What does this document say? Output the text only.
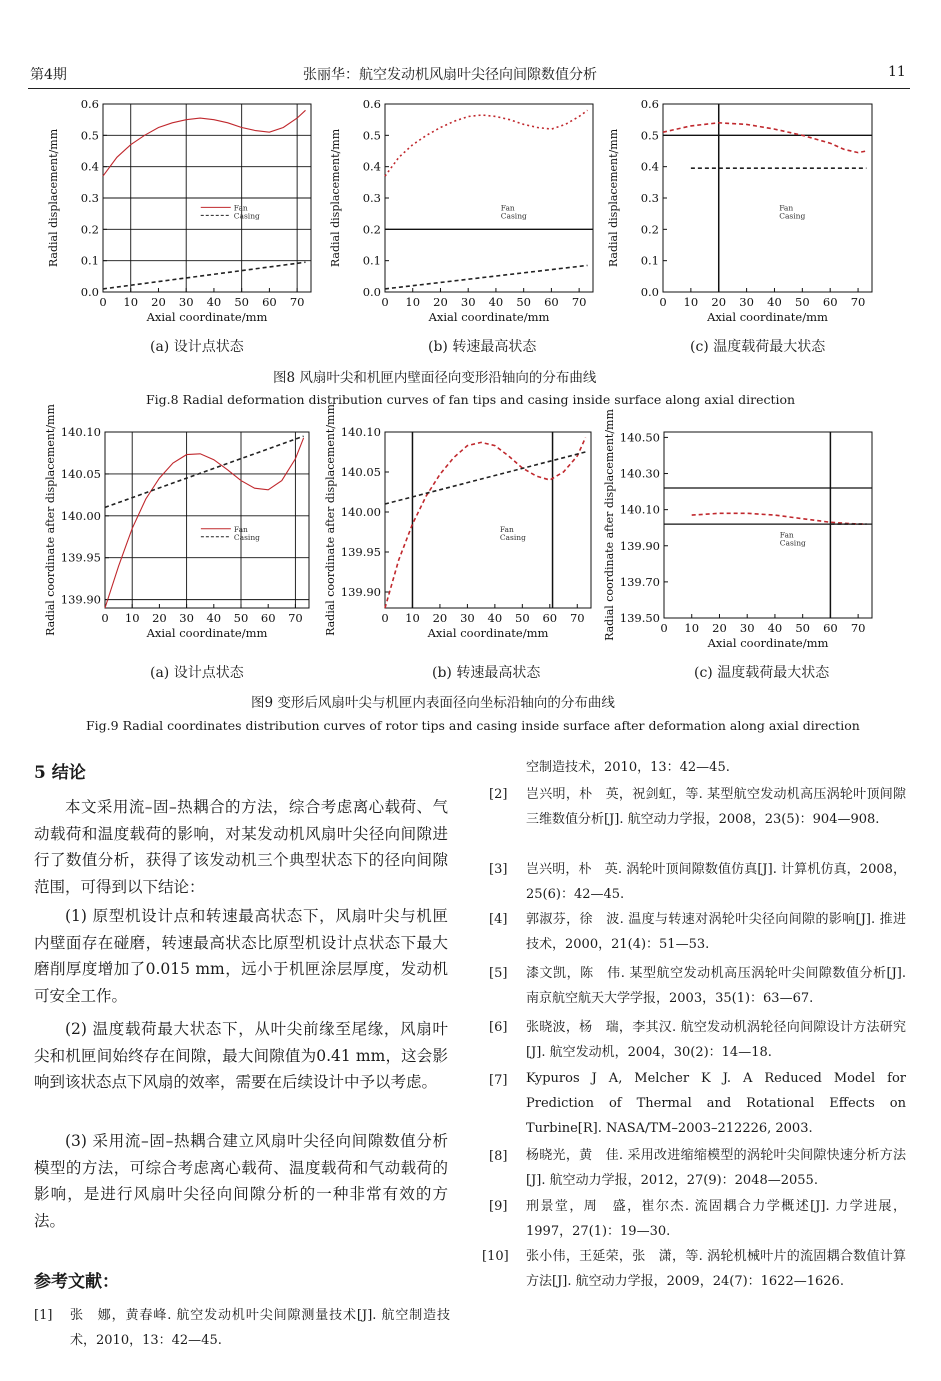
第4期	张丽华：航空发动机风扇叶尖径向间隙数值分析	11
0 10 20 30 40 50 60 70
0.0
0.1
0.2
0.3
0.4
0.5
0.6
Axial coordinate/mm
Radial displacement/mm	Fan
Casing
0 10 20 30 40 50 60 70
0.0
0.1
0.2
0.3
0.4
0.5
0.6
Axial coordinate/mm
Radial displacement/mm	Fan
Casing
0 10 20 30 40 50 60 70
0.0
0.1
0.2
0.3
0.4
0.5
0.6
Axial coordinate/mm
Radial displacement/mm	Fan
Casing
(a) 设计点状态	(b) 转速最高状态	(c) 温度载荷最大状态
图8 风扇叶尖和机匣内壁面径向变形沿轴向的分布曲线
Fig.8 Radial deformation distribution curves of fan tips and casing inside surface along axial direction
0 10 20 30 40 50 60 70
139.90
139.95
140.00
140.05
140.10
Axial coordinate/mm
Radial coordinate after displacement/mm	Fan
Casing
0 10 20 30 40 50 60 70
139.90
139.95
140.00
140.05
140.10
Axial coordinate/mm
Radial coordinate after displacement/mm	Fan
Casing
0 10 20 30 40 50 60 70
139.50
139.70
139.90
140.10
140.30
140.50
Axial coordinate/mm
Radial coordinate after displacement/mm	Fan
Casing
(a) 设计点状态	(b) 转速最高状态	(c) 温度载荷最大状态
图9 变形后风扇叶尖与机匣内表面径向坐标沿轴向的分布曲线
Fig.9 Radial coordinates distribution curves of rotor tips and casing inside surface after deformation along axial direction
5 结论
本文采用流–固–热耦合的方法，综合考虑离心载荷、气动载荷和温度载荷的影响，对某发动机风扇叶尖径向间隙进行了数值分析，获得了该发动机三个典型状态下的径向间隙范围，可得到以下结论：
(1) 原型机设计点和转速最高状态下，风扇叶尖与机匣内壁面存在碰磨，转速最高状态比原型机设计点状态下最大磨削厚度增加了0.015 mm，远小于机匣涂层厚度，发动机可安全工作。
(2) 温度载荷最大状态下，从叶尖前缘至尾缘，风扇叶尖和机匣间始终存在间隙，最大间隙值为0.41 mm，这会影响到该状态点下风扇的效率，需要在后续设计中予以考虑。
(3) 采用流–固–热耦合建立风扇叶尖径向间隙数值分析模型的方法，可综合考虑离心载荷、温度载荷和气动载荷的影响，是进行风扇叶尖径向间隙分析的一种非常有效的方法。
参考文献：
[1] 张　娜，黄春峰. 航空发动机叶尖间隙测量技术[J]. 航空制造技术，2010，13：42—45.
空制造技术，2010，13：42—45.
[2] 岂兴明，朴　英，祝剑虹，等. 某型航空发动机高压涡轮叶顶间隙三维数值分析[J]. 航空动力学报，2008，23(5)：904—908.
[3] 岂兴明，朴　英. 涡轮叶顶间隙数值仿真[J]. 计算机仿真，2008，25(6)：42—45.
[4] 郭淑芬，徐　波. 温度与转速对涡轮叶尖径向间隙的影响[J]. 推进技术，2000，21(4)：51—53.
[5] 漆文凯，陈　伟. 某型航空发动机高压涡轮叶尖间隙数值分析[J]. 南京航空航天大学学报，2003，35(1)：63—67.
[6] 张晓波，杨　瑞，李其汉. 航空发动机涡轮径向间隙设计方法研究[J]. 航空发动机，2004，30(2)：14—18.
[7] Kypuros J A, Melcher K J. A Reduced Model for Prediction of Thermal and Rotational Effects on Turbine[R]. NASA/TM–2003–212226, 2003.
[8] 杨晓光，黄　佳. 采用改进缩缩模型的涡轮叶尖间隙快速分析方法[J]. 航空动力学报，2012，27(9)：2048—2055.
[9] 刑景堂，周　盛，崔尔杰. 流固耦合力学概述[J]. 力学进展，1997，27(1)：19—30.
[10] 张小伟，王延荣，张　潇，等. 涡轮机械叶片的流固耦合数值计算方法[J]. 航空动力学报，2009，24(7)：1622—1626.
